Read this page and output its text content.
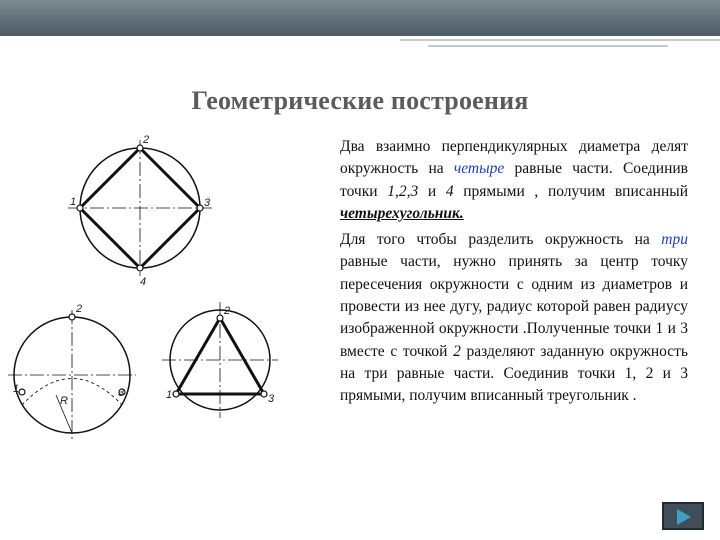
Геометрические построения
1
2
3
4
1
2
3
R	1
2
3

Два взаимно перпендикулярных диаметра делят окружность на четыре равные части. Соединив точки 1,2,3 и 4 прямыми , получим вписанный четырехугольник.

Для того чтобы разделить окружность на три равные части, нужно принять за центр точку пересечения окружности с одним из диаметров и провести из нее дугу, радиус которой равен радиусу изображенной окружности .Полученные точки 1 и 3 вместе с точкой 2 разделяют заданную окружность на три равные части. Соединив точки 1, 2 и 3 прямыми, получим вписанный треугольник .
